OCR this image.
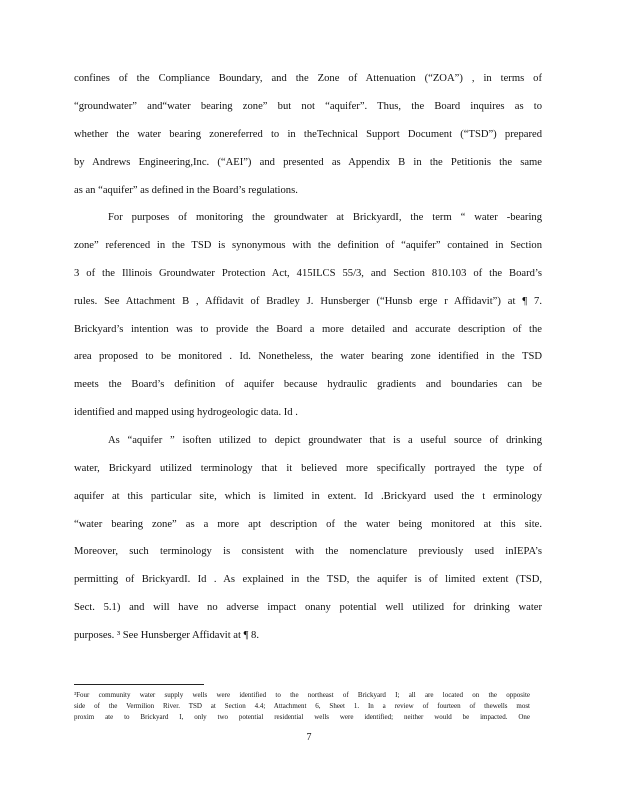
confines of the Compliance Boundary, and the Zone of Attenuation (“ZOA”) , in terms of
“groundwater” and“water bearing zone” but not “aquifer”. Thus, the Board inquires as to
whether the water bearing zonereferred to in theTechnical Support Document (“TSD”) prepared
by Andrews Engineering,Inc. (“AEI”) and presented as Appendix B in the Petitionis the same
as an “aquifer” as defined in the Board’s regulations.
For purposes of monitoring the groundwater at BrickyardI, the term “ water -bearing
zone” referenced in the TSD is synonymous with the definition of “aquifer” contained in Section
3 of the Illinois Groundwater Protection Act, 415ILCS 55/3, and Section 810.103 of the Board’s
rules. See Attachment B , Affidavit of Bradley J. Hunsberger (“Hunsb erge r Affidavit”) at ¶ 7.
Brickyard’s intention was to provide the Board a more detailed and accurate description of the
area proposed to be monitored . Id. Nonetheless, the water bearing zone identified in the TSD
meets the Board’s definition of aquifer because hydraulic gradients and boundaries can be
identified and mapped using hydrogeologic data. Id .
As “aquifer ” isoften utilized to depict groundwater that is a useful source of drinking
water, Brickyard utilized terminology that it believed more specifically portrayed the type of
aquifer at this particular site, which is limited in extent. Id .Brickyard used the t erminology
“water bearing zone” as a more apt description of the water being monitored at this site.
Moreover, such terminology is consistent with the nomenclature previously used inIEPA’s
permitting of BrickyardI. Id . As explained in the TSD, the aquifer is of limited extent (TSD,
Sect. 5.1) and will have no adverse impact onany potential well utilized for drinking water
purposes. ³ See Hunsberger Affidavit at ¶ 8.
³Four community water supply wells were identified to the northeast of Brickyard I; all are located on the opposite
side of the Vermilion River. TSD at Section 4.4; Attachment 6, Sheet 1. In a review of fourteen of thewells most
proxim ate to Brickyard I, only two potential residential wells were identified; neither would be impacted. One
7
